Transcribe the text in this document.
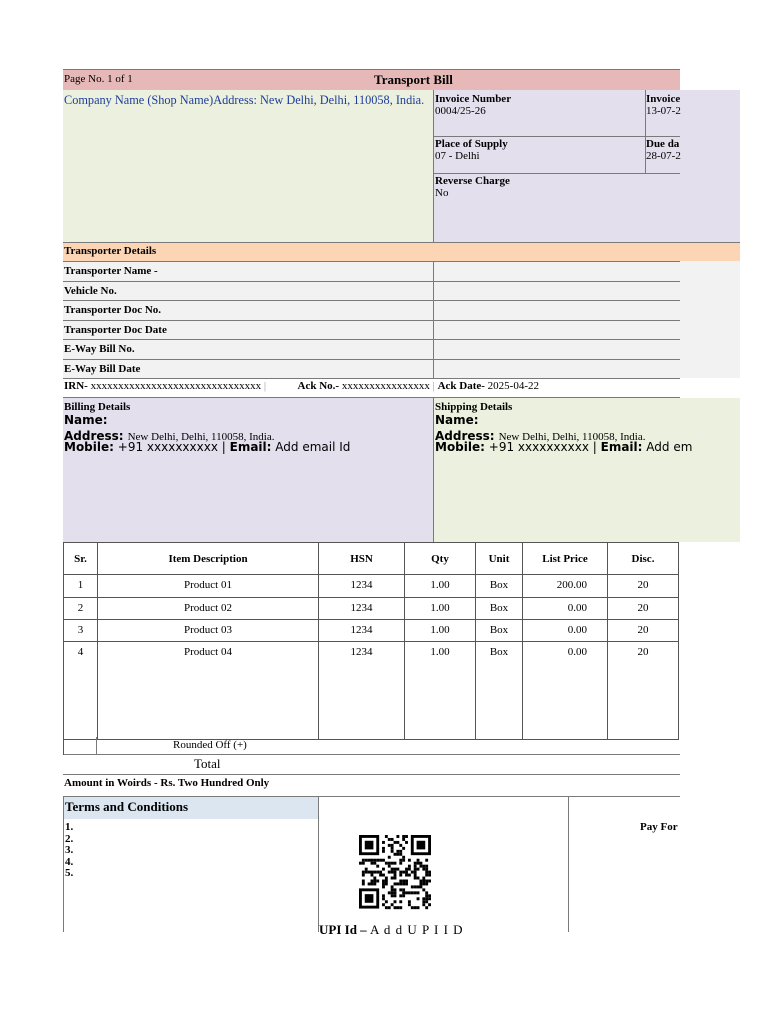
Page No. 1 of 1	Transport Bill
Company Name (Shop Name)Address: New Delhi, Delhi, 110058, India. Invoice Number
0004/25-26
Invoice
13-07-2
Place of Supply
07 - Delhi
Due da
28-07-2
Reverse Charge
No
Transporter Details
Transporter Name -
Vehicle No.
Transporter Doc No.
Transporter Doc Date
E-Way Bill No.
E-Way Bill Date
IRN- xxxxxxxxxxxxxxxxxxxxxxxxxxxxxxx |	Ack No.- xxxxxxxxxxxxxxxx | Ack Date- 2025-04-22
Billing Details
Name:
Address: New Delhi, Delhi, 110058, India.
Mobile: +91 xxxxxxxxxx | Email: Add email Id
Shipping Details
Name:
Address: New Delhi, Delhi, 110058, India.
Mobile: +91 xxxxxxxxxx | Email: Add em
Sr.	Item Description	HSN	Qty	Unit	List Price	Disc.
1	Product 01	1234	1.00	Box	200.00	20
2	Product 02	1234	1.00	Box	0.00	20
3	Product 03	1234	1.00	Box	0.00	20
4	Product 04	1234	1.00	Box	0.00	20
Rounded Off (+)
Total
Amount in Woirds - Rs. Two Hundred Only
Terms and Conditions
1.
2.
3.
4.
5.
UPI Id – A d d U P I I D
Pay For
